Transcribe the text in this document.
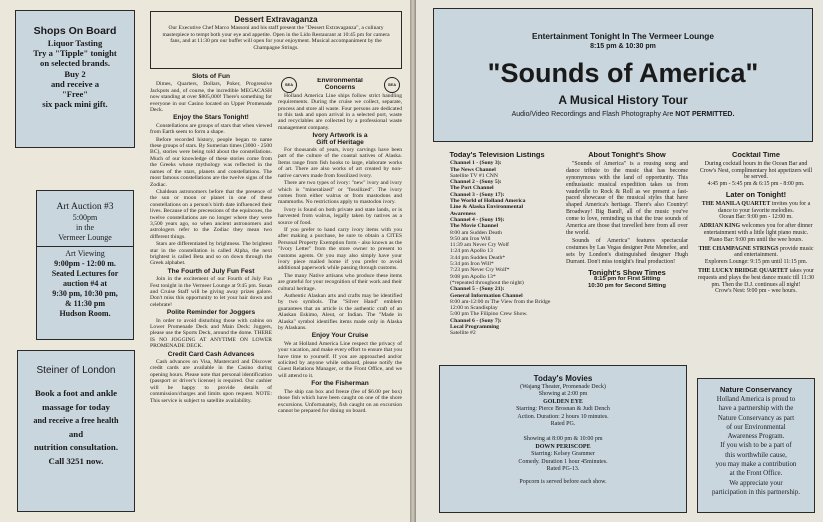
Shops On Board
Liquor Tasting
Try a "Tipple" tonight
on selected brands.
Buy 2
and receive a
"Free"
six pack mini gift.
Art Auction #3
5:00pm
in the
Vermeer Lounge
Art Viewing
9:00pm - 12:00 m.
Seated Lectures for
auction #4 at
9:30 pm, 10:30 pm,
& 11:30 pm
Hudson Room.
Steiner of London
Book a foot and ankle
massage for today
and receive a free health
and
nutrition consultation.
Call 3251 now.
Dessert Extravaganza
Our Executive Chef Marco Massoni and his staff present the "Dessert Extravaganza", a culinary masterpiece to tempt both your eye and appetite. Open in the Lido Restaurant at 10:45 pm for camera fans, and at 11:30 pm our buffet will open for your enjoyment. Musical accompaniment by the Champagne Strings.
Slots of Fun

Dimes, Quarters, Dollars, Poker, Progressive Jackpots and, of course, the incredible MEGACASH now standing at over $805,000! There's something for everyone in our Casino located on Upper Promenade Deck.

Enjoy the Stars Tonight!

Constellations are groups of stars that when viewed from Earth seem to form a shape.

Before recorded history, people began to name these groups of stars. By Sumerian times (3000 - 2500 BC), stories were being told about the constellations. Much of our knowledge of these stories come from the Greeks whose mythology was reflected in the names of the stars, planets and constellations. The most famous constellations are the twelve signs of the Zodiac.

Chaldean astronomers before that the presence of the sun or moon or planet in one of these constellations on a person's birth date influenced their lives. Because of the precessions of the equinoxes, the twelve constellations are no longer where they were 3,500 years ago, so when ancient astronomers and astrologers refer to the Zodiac they mean two different things.

Stars are differentiated by brightness. The brightest star in the constellation is called Alpha, the next brightest is called Beta and so on down through the Greek alphabet.

The Fourth of July Fun Fest

Join in the excitement of our Fourth of July Fun Fest tonight in the Vermeer Lounge at 9:45 pm. Susan and Cruise Staff will be giving away prizes galore. Don't miss this opportunity to let your hair down and celebrate!

Polite Reminder for Joggers

In order to avoid disturbing those with cabins on Lower Promenade Deck and Main Deck: Joggers, please use the Sports Deck, around the dome. THERE IS NO JOGGING AT ANYTIME ON LOWER PROMENADE DECK.

Credit Card Cash Advances

Cash advances on Visa, Mastercard and Discover credit cards are available in the Casino during opening hours. Please note that personal identification (passport or driver's license) is required. Our cashier will be happy to provide details of commission/charges and limits upon request. NOTE: This service is subject to satellite availability.

SEA	SEA
Environmental
Concerns

Holland America Line ships follow strict handling requirements. During the cruise we collect, separate, process and store all waste. Four persons are dedicated to this task and upon arrival in a selected port, waste and recyclables are collected by a professional waste management company.

Ivory Artwork is a
Gift of Heritage

For thousands of years, ivory carvings have been part of the culture of the coastal natives of Alaska. Items range from fish hooks to large, elaborate works of art. There are also works of art created by non-native carvers made from fossilized ivory.

There are two types of ivory: "new" ivory and ivory which is "mineralized" or "fossilized". The ivory comes from either walrus or from mastodons and mammoths. No restrictions apply to mastodon ivory.

Ivory is found on both private and state lands, or is harvested from walrus, legally taken by natives as a source of food.

If you prefer to hand carry ivory items with you after making a purchase, be sure to obtain a CITES Personal Property Exemption form - also known as the "Ivory Letter" from the store owner to present to customs agents. Or you may also simply have your ivory piece mailed home if you prefer to avoid additional paperwork while passing through customs.

The many Native artisans who produce these items are grateful for your recognition of their work and their cultural heritage.

Authentic Alaskan arts and crafts may be identified by two symbols. The "Silver Hand" emblem guarantees that an article is the authentic craft of an Alaskan Eskimo, Aleut, or Indian. The "Made in Alaska" symbol identifies items made only in Alaska by Alaskans.

Enjoy Your Cruise

We at Holland America Line respect the privacy of your vacation, and make every effort to ensure that you have time to yourself. If you are approached and/or solicited by anyone while onboard, please notify the Guest Relations Manager, or the Front Office, and we will attend to it.

For the Fisherman

The ship can box and freeze (fee of $6.00 per box) those fish which have been caught on one of the shore excursions. Unfortunately, fish caught on an excursion cannot be prepared for dining on board.

Entertainment Tonight In The Vermeer Lounge
8:15 pm & 10:30 pm
"Sounds of America"
A Musical History Tour
Audio/Video Recordings and Flash Photography Are NOT PERMITTED.
Today's Television Listings
Channel 1 - (Sony 3):
The News Channel
Satellite TV #1 CNN
Channel 2 - (Sony 5):
The Port Channel
Channel 3 - (Sony 17):
The World of Holland America
Line & Alaska Environmental
Awareness
Channel 4 - (Sony 19):
The Movie Channel
8:00 am Sudden Death
9:50 am Iron Will
11:39 am Never Cry Wolf
1:24 pm Apollo 13
3:44 pm Sudden Death*
5:34 pm Iron Will*
7:23 pm Never Cry Wolf*
9:08 pm Apollo 13*
(*repeated throughout the night)
Channel 5 - (Sony 21):
General Information Channel
8:00 am-12:00 m The View from the Bridge
12:00 m Scandisplay
5:00 pm The Filipino Crew Show.
Channel 6 - (Sony 7):
Local Programming
Satellite #2
About Tonight's Show

"Sounds of America" is a rousing song and dance tribute to the music that has become synonymous with the land of opportunity. This enthusiastic musical expedition takes us from vaudeville to Rock & Roll as we present a fast-paced showcase of the musical styles that have shaped America's heritage. There's also Country! Broadway! Big Band!, all of the music you've come to love, reminding us that the true sounds of America are those that travelled here from all over the world.

Sounds of America" features spectacular costumes by Las Vegas designer Pete Menefee, and sets by London's distinguished designer Hugh Durrant. Don't miss tonight's final production!

Tonight's Show Times
8:15 pm for First Sitting
10:30 pm for Second Sitting
Cocktail Time
During cocktail hours in the Ocean Bar and Crow's Nest, complimentary hot appetizers will be served.
4:45 pm - 5:45 pm & 6:15 pm - 8:00 pm.
Later on Tonight!
THE MANILA QUARTET invites you for a dance to your favorite melodies.
Ocean Bar: 9:00 pm - 12:00 m.
ADRIAN KING welcomes you for after dinner entertainment with a little light piano music.
Piano Bar: 9:00 pm until the wee hours.
THE CHAMPAGNE STRINGS provide music and entertainment.
Explorers Lounge: 9:15 pm until 11:15 pm.
THE LUCKY BRIDGE QUARTET takes your requests and plays the best dance music till 11:30 pm. Then the D.J. continues all night!
Crow's Nest: 9:00 pm - wee hours.
Today's Movies
(Wajang Theater, Promenade Deck)
Showing at 2:00 pm
GOLDEN EYE
Starring: Pierce Brosnan & Judi Dench
Action. Duration: 2 hours 10 minutes.
Rated PG.
Showing at 8:00 pm & 10:00 pm
DOWN PERISCOPE
Starring: Kelsey Grammer
Comedy. Duration 1 hour 45minutes.
Rated PG-13.
Popcorn is served before each show.
Nature Conservancy
Holland America is proud to
have a partnership with the
Nature Conservancy as part
of our Environmental
Awareness Program.
If you wish to be a part of
this worthwhile cause,
you may make a contribution
at the Front Office.
We appreciate your
participation in this partnership.
